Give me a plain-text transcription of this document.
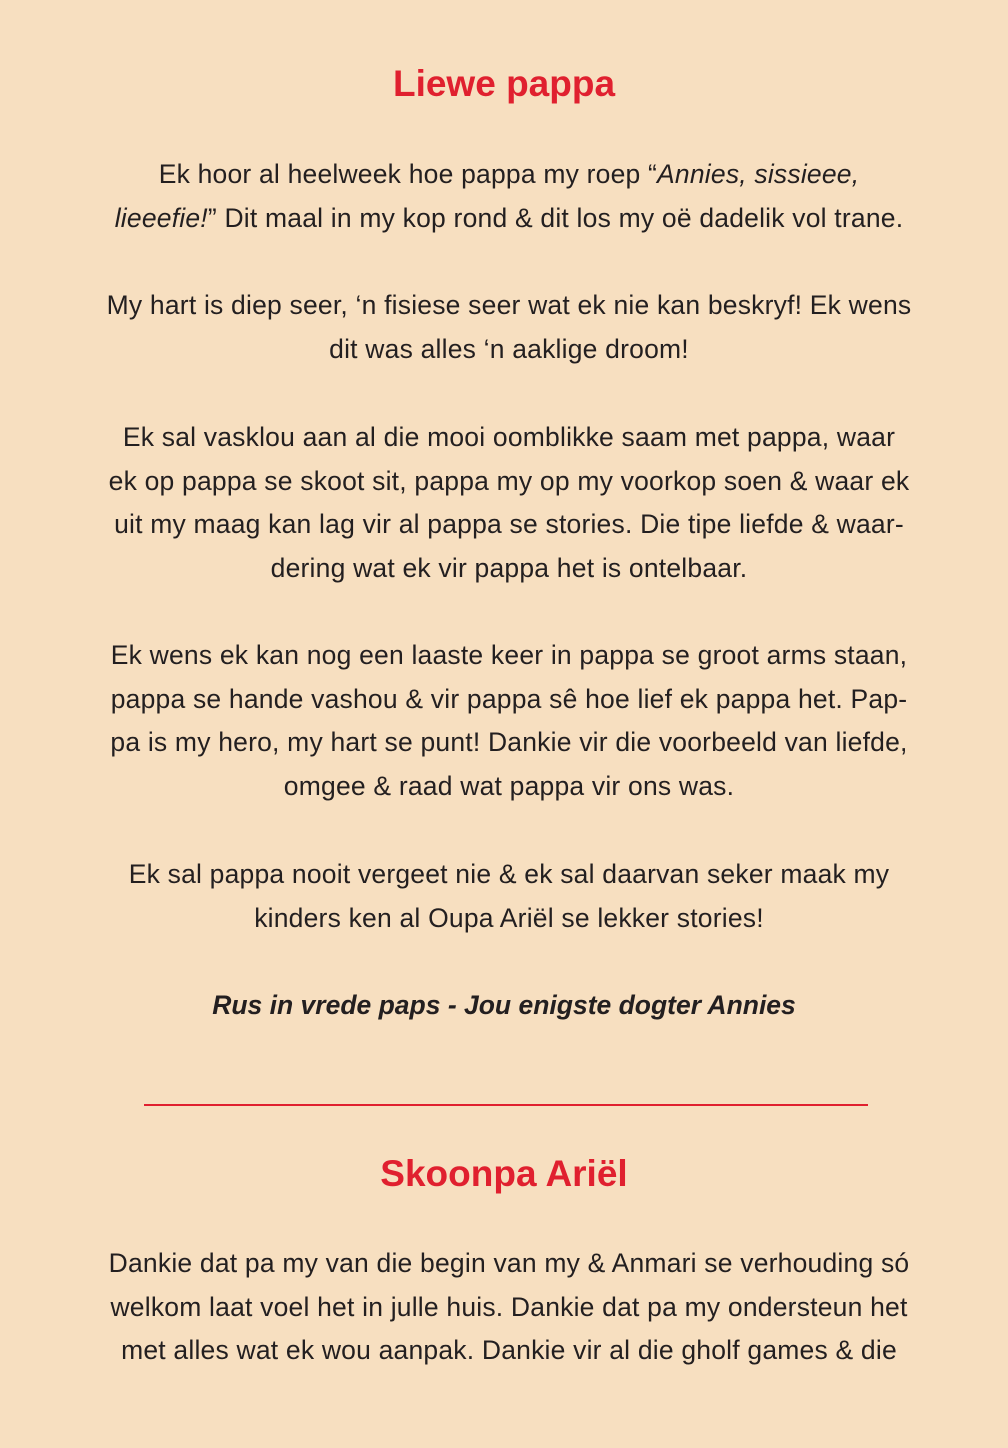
Liewe pappa

Ek hoor al heelweek hoe pappa my roep “Annies, sissieee,
lieeefie!” Dit maal in my kop rond & dit los my oë dadelik vol trane.

My hart is diep seer, ‘n fisiese seer wat ek nie kan beskryf! Ek wens
dit was alles ‘n aaklige droom!

Ek sal vasklou aan al die mooi oomblikke saam met pappa, waar
ek op pappa se skoot sit, pappa my op my voorkop soen & waar ek
uit my maag kan lag vir al pappa se stories. Die tipe liefde & waar-
dering wat ek vir pappa het is ontelbaar.

Ek wens ek kan nog een laaste keer in pappa se groot arms staan,
pappa se hande vashou & vir pappa sê hoe lief ek pappa het. Pap-
pa is my hero, my hart se punt! Dankie vir die voorbeeld van liefde,
omgee & raad wat pappa vir ons was.

Ek sal pappa nooit vergeet nie & ek sal daarvan seker maak my
kinders ken al Oupa Ariël se lekker stories!

Rus in vrede paps - Jou enigste dogter Annies

Skoonpa Ariël

Dankie dat pa my van die begin van my & Anmari se verhouding só
welkom laat voel het in julle huis. Dankie dat pa my ondersteun het
met alles wat ek wou aanpak. Dankie vir al die gholf games & die
